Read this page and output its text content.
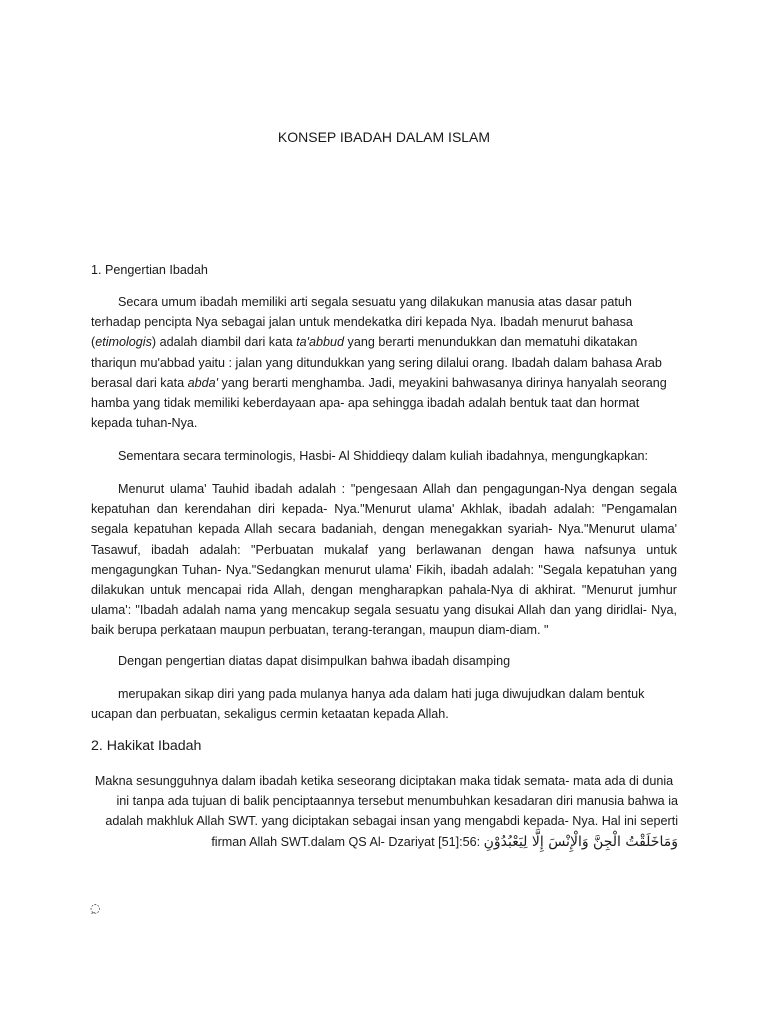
KONSEP IBADAH DALAM ISLAM
1. Pengertian Ibadah

Secara umum ibadah memiliki arti segala sesuatu yang dilakukan manusia atas dasar patuh terhadap pencipta Nya sebagai jalan untuk mendekatka diri kepada Nya. Ibadah menurut bahasa (etimologis) adalah diambil dari kata ta'abbud yang berarti menundukkan dan mematuhi dikatakan thariqun mu'abbad yaitu : jalan yang ditundukkan yang sering dilalui orang. Ibadah dalam bahasa Arab berasal dari kata abda' yang berarti menghamba. Jadi, meyakini bahwasanya dirinya hanyalah seorang hamba yang tidak memiliki keberdayaan apa- apa sehingga ibadah adalah bentuk taat dan hormat kepada tuhan-Nya.

Sementara secara terminologis, Hasbi- Al Shiddieqy dalam kuliah ibadahnya, mengungkapkan:

Menurut ulama' Tauhid ibadah adalah : "pengesaan Allah dan pengagungan-Nya dengan segala kepatuhan dan kerendahan diri kepada- Nya."Menurut ulama' Akhlak, ibadah adalah: "Pengamalan segala kepatuhan kepada Allah secara badaniah, dengan menegakkan syariah- Nya."Menurut ulama' Tasawuf, ibadah adalah: "Perbuatan mukalaf yang berlawanan dengan hawa nafsunya untuk mengagungkan Tuhan- Nya."Sedangkan menurut ulama' Fikih, ibadah adalah: "Segala kepatuhan yang dilakukan untuk mencapai rida Allah, dengan mengharapkan pahala-Nya di akhirat. "Menurut jumhur ulama': "Ibadah adalah nama yang mencakup segala sesuatu yang disukai Allah dan yang diridlai- Nya, baik berupa perkataan maupun perbuatan, terang-terangan, maupun diam-diam. "

Dengan pengertian diatas dapat disimpulkan bahwa ibadah disamping

merupakan sikap diri yang pada mulanya hanya ada dalam hati juga diwujudkan dalam bentuk ucapan dan perbuatan, sekaligus cermin ketaatan kepada Allah.

2. Hakikat Ibadah
Makna sesungguhnya dalam ibadah ketika seseorang diciptakan maka tidak semata- mata ada di dunia
ini tanpa ada tujuan di balik penciptaannya tersebut menumbuhkan kesadaran diri manusia bahwa ia
adalah makhluk Allah SWT. yang diciptakan sebagai insan yang mengabdi kepada- Nya. Hal ini seperti
firman Allah SWT.dalam QS Al- Dzariyat [51]:56: وَمَاخَلَقْتُ الْجِنَّ وَالْإِنْسَ إِلَّا لِيَعْبُدُوْنِ
◌ِ
